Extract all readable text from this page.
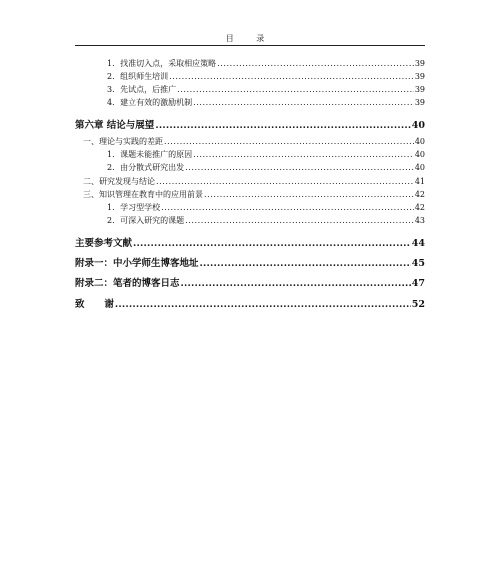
目 录
1．找准切入点，采取相应策略 .....	39
2．组织师生培训 .....	39
3．先试点，后推广 .....	39
4．建立有效的激励机制 .....	39
第六章 结论与展望 .....	40
一、理论与实践的差距 .....	40
1．课题未能推广的原因 .....	40
2．由分散式研究出发 .....	40
二、研究发现与结论 .....	41
三、知识管理在教育中的应用前景 .....	42
1．学习型学校 .....	42
2．可深入研究的课题 .....	43
主要参考文献 .....	44
附录一：中小学师生博客地址 .....	45
附录二：笔者的博客日志 .....	47
致      谢 .....	52
